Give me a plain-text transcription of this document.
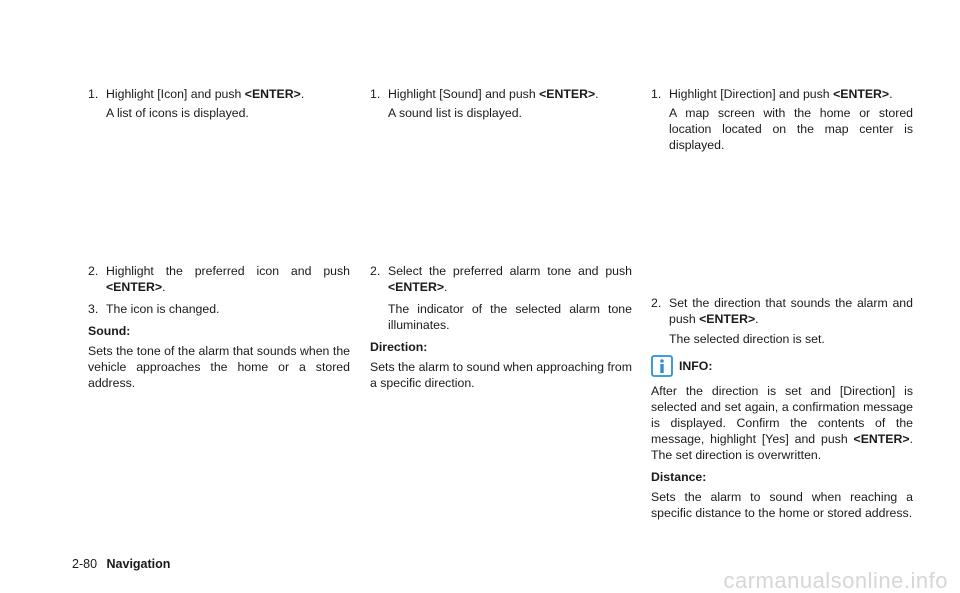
1. Highlight [Icon] and push <ENTER>.

A list of icons is displayed.

2. Highlight the preferred icon and push <ENTER>.

3. The icon is changed.

Sound:

Sets the tone of the alarm that sounds when the vehicle approaches the home or a stored address.

1. Highlight [Sound] and push <ENTER>.

A sound list is displayed.

2. Select the preferred alarm tone and push <ENTER>.

The indicator of the selected alarm tone illuminates.

Direction:

Sets the alarm to sound when approaching from a specific direction.

1. Highlight [Direction] and push <ENTER>.

A map screen with the home or stored location located on the map center is displayed.

2. Set the direction that sounds the alarm and push <ENTER>.

The selected direction is set.

INFO:

After the direction is set and [Direction] is selected and set again, a confirmation message is displayed. Confirm the contents of the message, highlight [Yes] and push <ENTER>. The set direction is overwritten.

Distance:

Sets the alarm to sound when reaching a specific distance to the home or stored address.

2-80 Navigation
carmanualsonline.info
